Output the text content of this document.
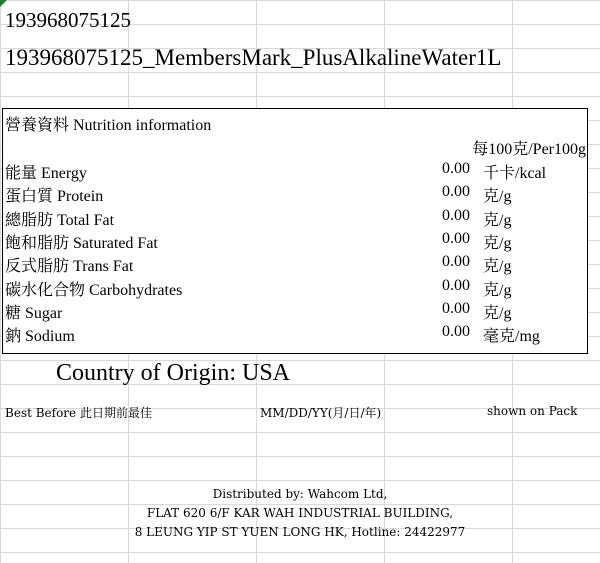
193968075125
193968075125_MembersMark_PlusAlkalineWater1L
營養資料 Nutrition information
每100克/Per100g
能量 Energy	0.00 千卡/kcal
蛋白質 Protein	0.00 克/g
總脂肪 Total Fat	0.00 克/g
飽和脂肪 Saturated Fat	0.00 克/g
反式脂肪 Trans Fat	0.00 克/g
碳水化合物 Carbohydrates	0.00 克/g
糖 Sugar	0.00 克/g
鈉 Sodium	0.00 毫克/mg
Country of Origin: USA
Best Before 此日期前最佳	MM/DD/YY(月/日/年)	shown on Pack
Distributed by: Wahcom Ltd,
FLAT 620 6/F KAR WAH INDUSTRIAL BUILDING,
8 LEUNG YIP ST YUEN LONG HK, Hotline: 24422977
